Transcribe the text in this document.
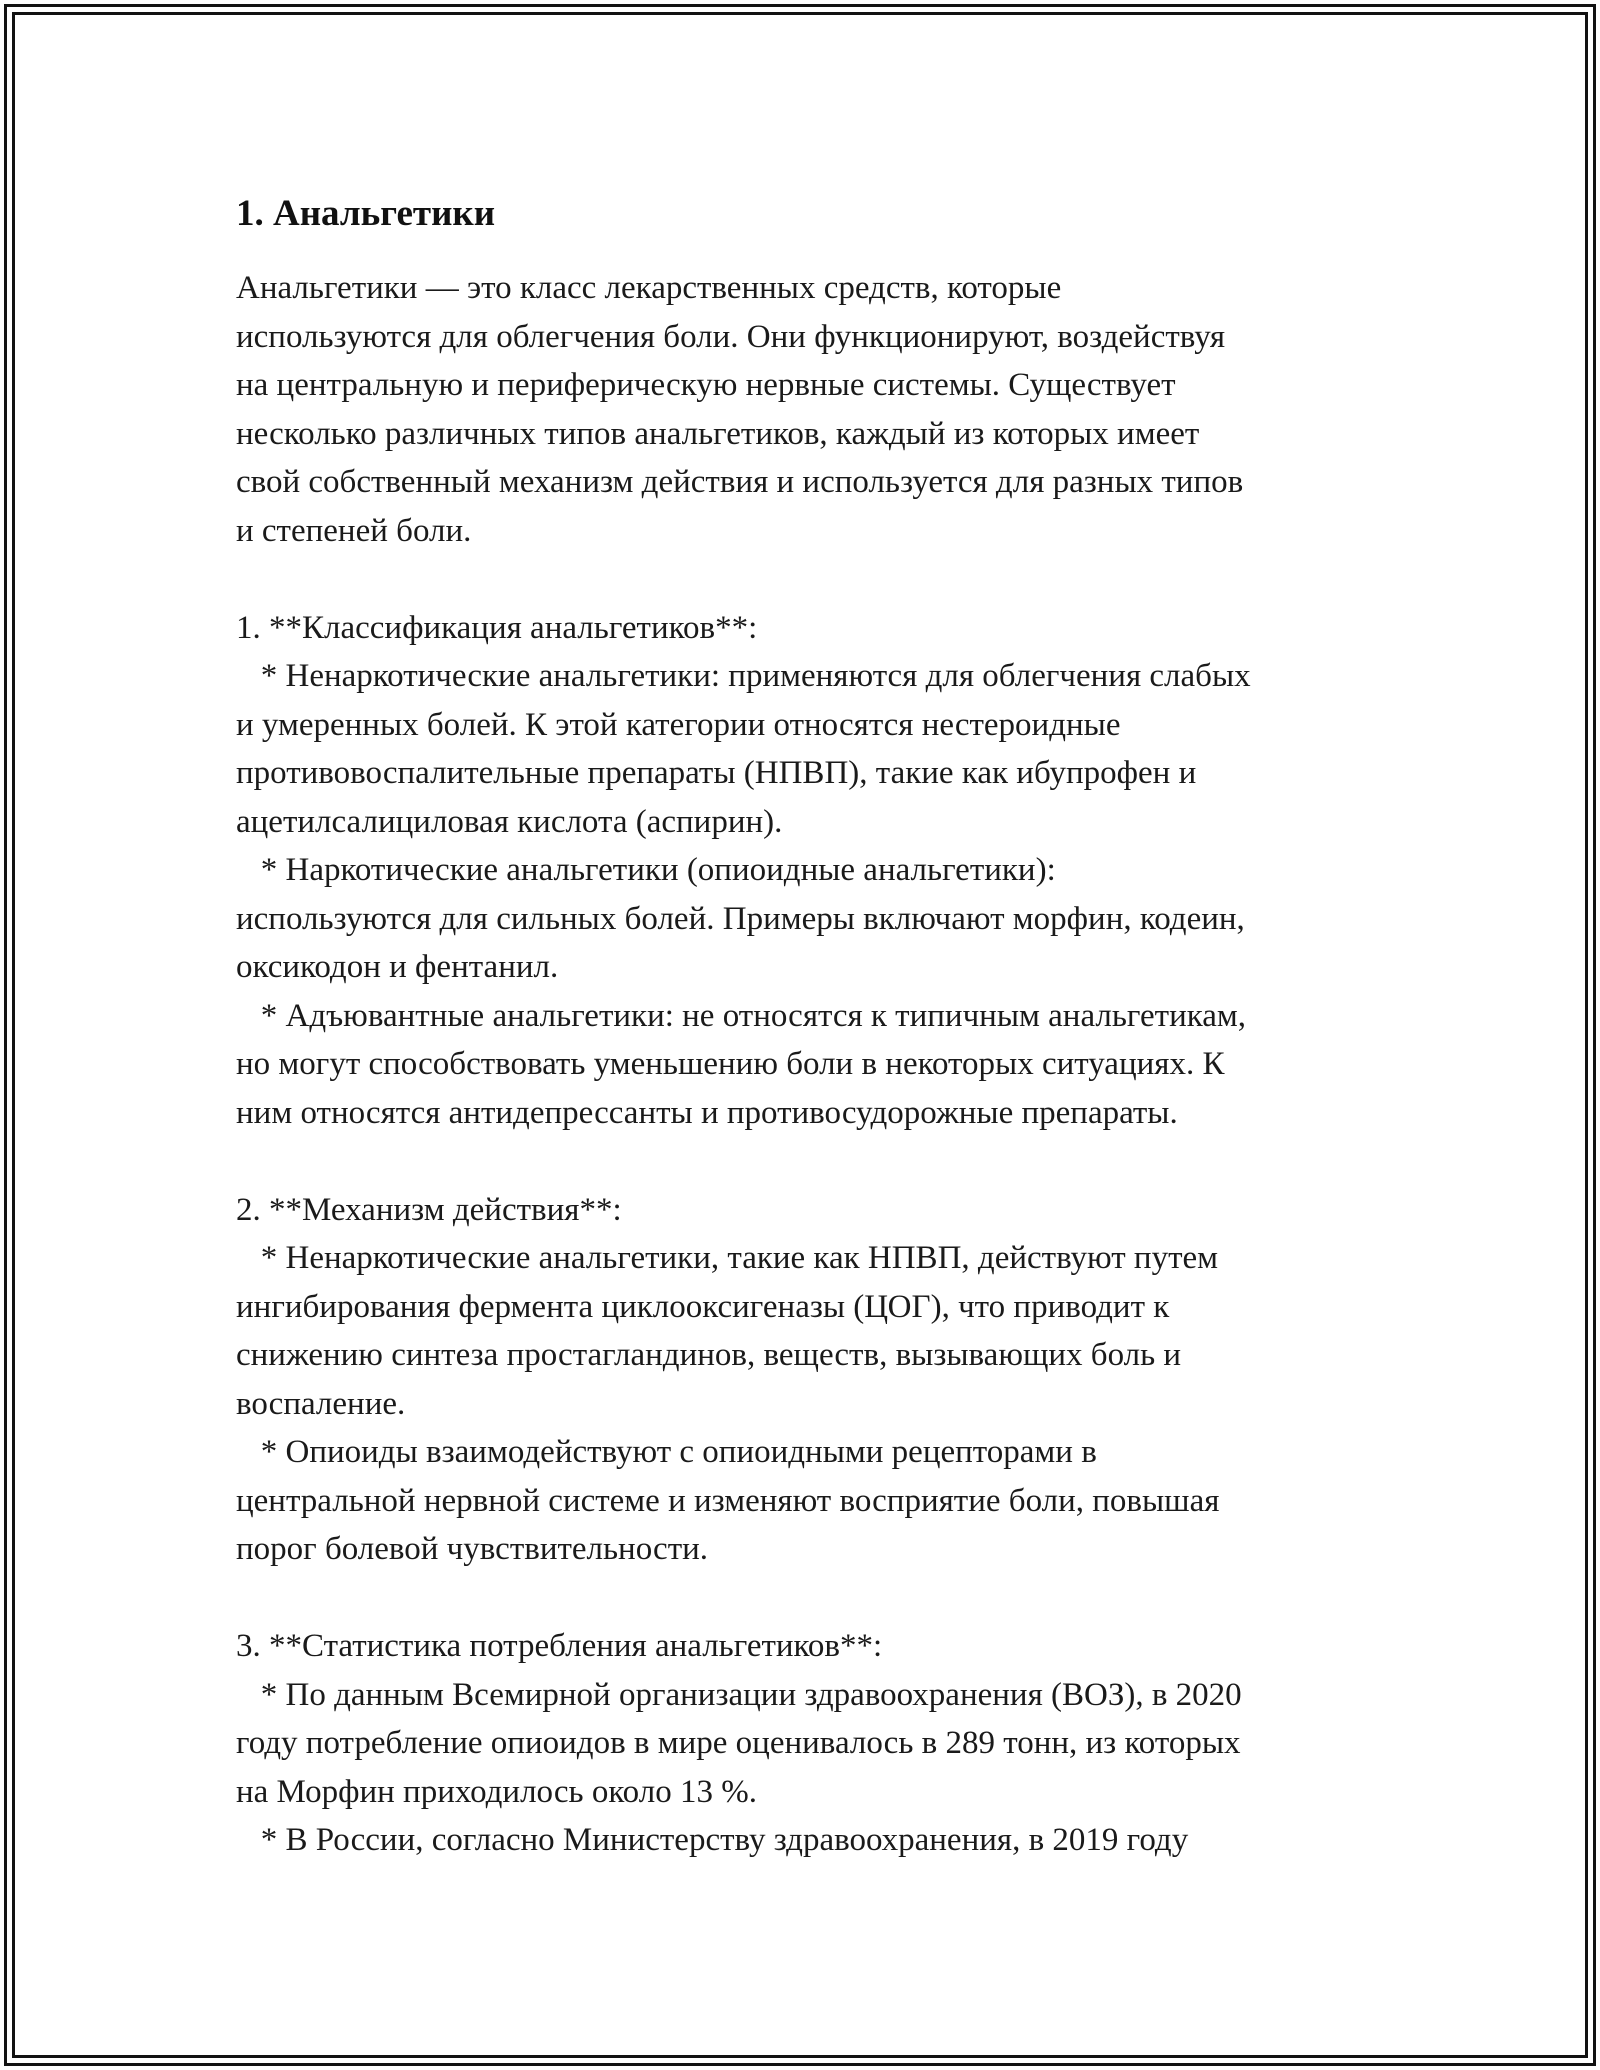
1. Анальгетики
Анальгетики — это класс лекарственных средств, которые
используются для облегчения боли. Они функционируют, воздействуя
на центральную и периферическую нервные системы. Существует
несколько различных типов анальгетиков, каждый из которых имеет
свой собственный механизм действия и используется для разных типов
и степеней боли.
1. **Классификация анальгетиков**:
* Ненаркотические анальгетики: применяются для облегчения слабых
и умеренных болей. К этой категории относятся нестероидные
противовоспалительные препараты (НПВП), такие как ибупрофен и
ацетилсалициловая кислота (аспирин).
* Наркотические анальгетики (опиоидные анальгетики):
используются для сильных болей. Примеры включают морфин, кодеин,
оксикодон и фентанил.
* Адъювантные анальгетики: не относятся к типичным анальгетикам,
но могут способствовать уменьшению боли в некоторых ситуациях. К
ним относятся антидепрессанты и противосудорожные препараты.
2. **Механизм действия**:
* Ненаркотические анальгетики, такие как НПВП, действуют путем
ингибирования фермента циклооксигеназы (ЦОГ), что приводит к
снижению синтеза простагландинов, веществ, вызывающих боль и
воспаление.
* Опиоиды взаимодействуют с опиоидными рецепторами в
центральной нервной системе и изменяют восприятие боли, повышая
порог болевой чувствительности.
3. **Статистика потребления анальгетиков**:
* По данным Всемирной организации здравоохранения (ВОЗ), в 2020
году потребление опиоидов в мире оценивалось в 289 тонн, из которых
на Морфин приходилось около 13 %.
* В России, согласно Министерству здравоохранения, в 2019 году
